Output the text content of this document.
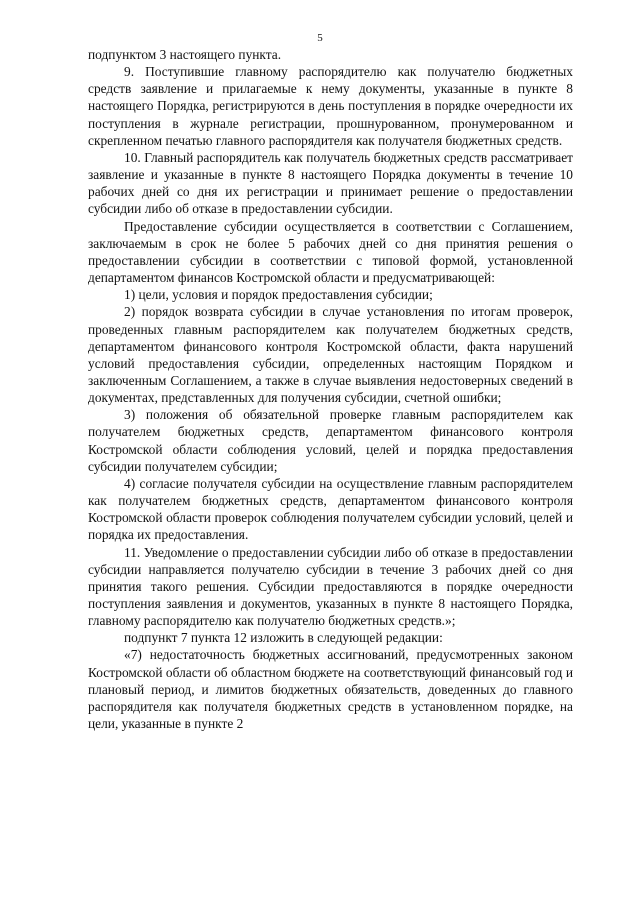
5

подпунктом 3 настоящего пункта.

9. Поступившие главному распорядителю как получателю бюджетных средств заявление и прилагаемые к нему документы, указанные в пункте 8 настоящего Порядка, регистрируются в день поступления в порядке очередности их поступления в журнале регистрации, прошнурованном, пронумерованном и скрепленном печатью главного распорядителя как получателя бюджетных средств.

10. Главный распорядитель как получатель бюджетных средств рассматривает заявление и указанные в пункте 8 настоящего Порядка документы в течение 10 рабочих дней со дня их регистрации и принимает решение о предоставлении субсидии либо об отказе в предоставлении субсидии.

Предоставление субсидии осуществляется в соответствии с Соглашением, заключаемым в срок не более 5 рабочих дней со дня принятия решения о предоставлении субсидии в соответствии с типовой формой, установленной департаментом финансов Костромской области и предусматривающей:

1) цели, условия и порядок предоставления субсидии;

2) порядок возврата субсидии в случае установления по итогам проверок, проведенных главным распорядителем как получателем бюджетных средств, департаментом финансового контроля Костромской области, факта нарушений условий предоставления субсидии, определенных настоящим Порядком и заключенным Соглашением, а также в случае выявления недостоверных сведений в документах, представленных для получения субсидии, счетной ошибки;

3) положения об обязательной проверке главным распорядителем как получателем бюджетных средств, департаментом финансового контроля Костромской области соблюдения условий, целей и порядка предоставления субсидии получателем субсидии;

4) согласие получателя субсидии на осуществление главным распорядителем как получателем бюджетных средств, департаментом финансового контроля Костромской области проверок соблюдения получателем субсидии условий, целей и порядка их предоставления.

11. Уведомление о предоставлении субсидии либо об отказе в предоставлении субсидии направляется получателю субсидии в течение 3 рабочих дней со дня принятия такого решения. Субсидии предоставляются в порядке очередности поступления заявления и документов, указанных в пункте 8 настоящего Порядка, главному распорядителю как получателю бюджетных средств.»;

подпункт 7 пункта 12 изложить в следующей редакции:

«7) недостаточность бюджетных ассигнований, предусмотренных законом Костромской области об областном бюджете на соответствующий финансовый год и плановый период, и лимитов бюджетных обязательств, доведенных до главного распорядителя как получателя бюджетных средств в установленном порядке, на цели, указанные в пункте 2
